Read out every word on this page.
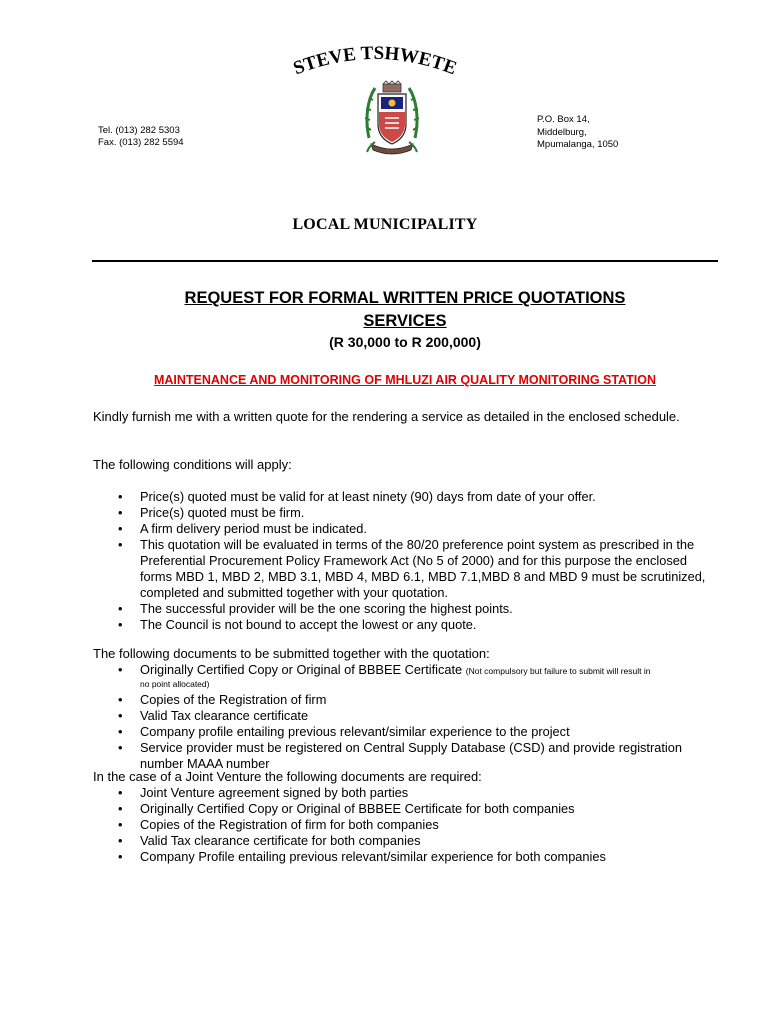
STEVE TSHWETE
Tel. (013) 282 5303
Fax. (013) 282 5594
P.O. Box 14,
Middelburg,
Mpumalanga, 1050
LOCAL MUNICIPALITY
REQUEST FOR FORMAL WRITTEN PRICE QUOTATIONS
SERVICES
(R 30,000 to R 200,000)
MAINTENANCE AND MONITORING OF MHLUZI AIR QUALITY MONITORING STATION
Kindly furnish me with a written quote for the rendering a service as detailed in the enclosed schedule.
The following conditions will apply:
• Price(s) quoted must be valid for at least ninety (90) days from date of your offer.
• Price(s) quoted must be firm.
• A firm delivery period must be indicated.
• This quotation will be evaluated in terms of the 80/20 preference point system as prescribed in the Preferential Procurement Policy Framework Act (No 5 of 2000) and for this purpose the enclosed forms MBD 1, MBD 2, MBD 3.1, MBD 4, MBD 6.1, MBD 7.1,MBD 8 and MBD 9 must be scrutinized, completed and submitted together with your quotation.
• The successful provider will be the one scoring the highest points.
• The Council is not bound to accept the lowest or any quote.
The following documents to be submitted together with the quotation:
• Originally Certified Copy or Original of BBBEE Certificate (Not compulsory but failure to submit will result in
no point allocated)
• Copies of the Registration of firm
• Valid Tax clearance certificate
• Company profile entailing previous relevant/similar experience to the project
• Service provider must be registered on Central Supply Database (CSD) and provide registration number MAAA number
In the case of a Joint Venture the following documents are required:
• Joint Venture agreement signed by both parties
• Originally Certified Copy or Original of BBBEE Certificate for both companies
• Copies of the Registration of firm for both companies
• Valid Tax clearance certificate for both companies
• Company Profile entailing previous relevant/similar experience for both companies
